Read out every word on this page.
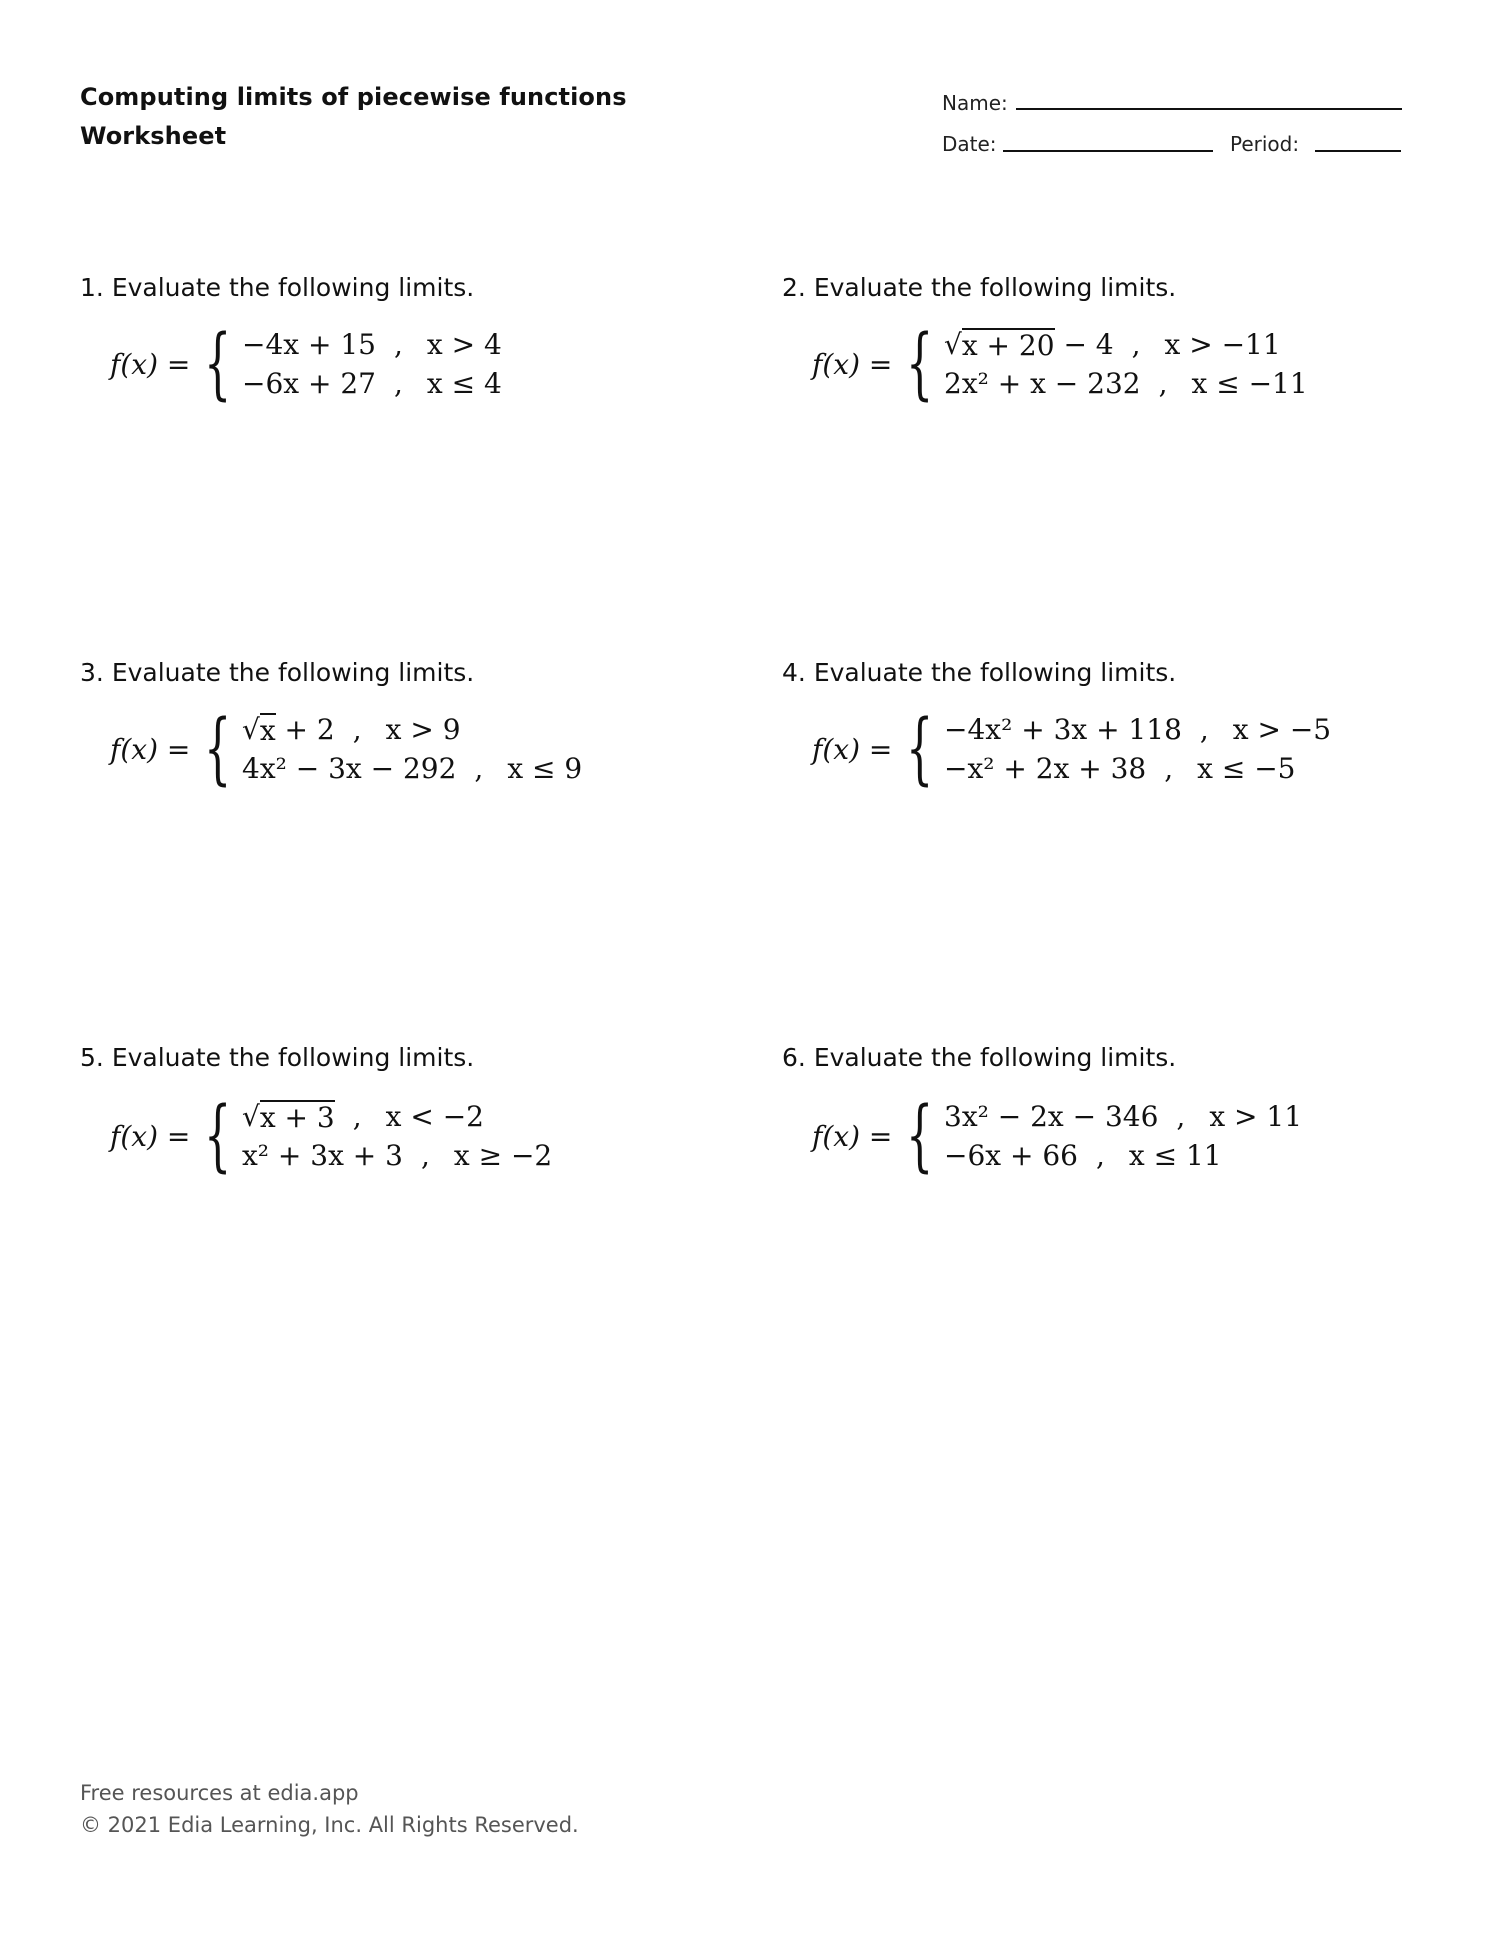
Computing limits of piecewise functions
Worksheet
Name:
Date:	Period:
1. Evaluate the following limits.
f(x) = { −4x + 15 , x > 4
−6x + 27 , x ≤ 4
2. Evaluate the following limits.
f(x) = { √ x + 20 − 4 , x > −11
2x² + x − 232 , x ≤ −11
3. Evaluate the following limits.
f(x) = { √ x + 2 , x > 9
4x² − 3x − 292 , x ≤ 9
4. Evaluate the following limits.
f(x) = { −4x² + 3x + 118 , x > −5
−x² + 2x + 38 , x ≤ −5
5. Evaluate the following limits.
f(x) = { √ x + 3 , x < −2
x² + 3x + 3 , x ≥ −2
6. Evaluate the following limits.
f(x) = { 3x² − 2x − 346 , x > 11
−6x + 66 , x ≤ 11
Free resources at edia.app
© 2021 Edia Learning, Inc. All Rights Reserved.
